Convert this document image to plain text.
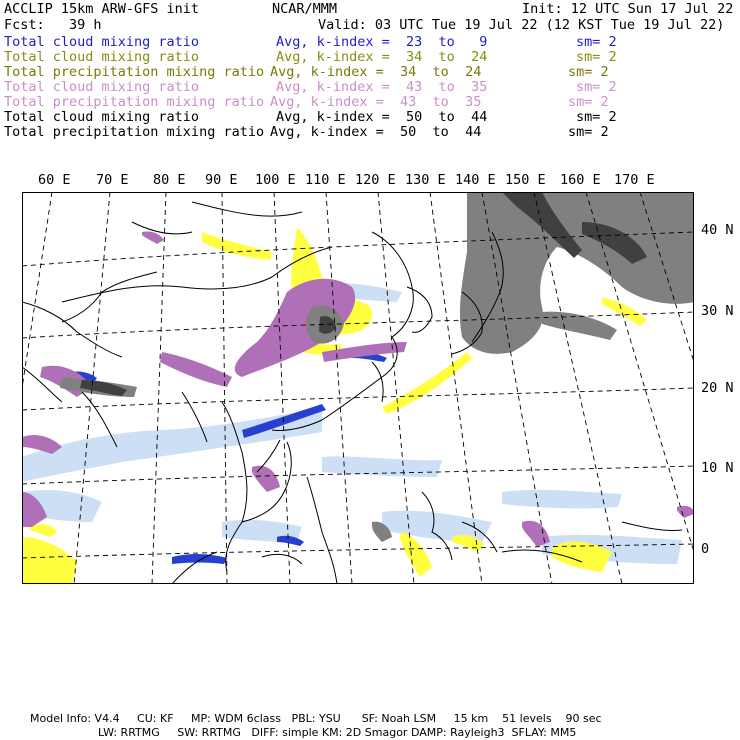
ACCLIP 15km ARW-GFS init	NCAR/MMM	Init: 12 UTC Sun 17 Jul 22
Fcst:   39 h	Valid: 03 UTC Tue 19 Jul 22 (12 KST Tue 19 Jul 22)
Total cloud mixing ratio	Avg, k-index =  23  to   9	sm= 2
Total cloud mixing ratio	Avg, k-index =  34  to  24	sm= 2
Total precipitation mixing ratio Avg, k-index =  34  to  24	sm= 2
Total cloud mixing ratio	Avg, k-index =  43  to  35	sm= 2
Total precipitation mixing ratio Avg, k-index =  43  to  35	sm= 2
Total cloud mixing ratio	Avg, k-index =  50  to  44	sm= 2
Total precipitation mixing ratio Avg, k-index =  50  to  44	sm= 2
60 E 70 E 80 E 90 E 100 E 110 E 120 E 130 E 140 E 150 E 160 E 170 E
40 N
30 N
20 N
10 N
0
Model Info: V4.4     CU: KF     MP: WDM 6class   PBL: YSU      SF: Noah LSM     15 km    51 levels    90 sec
LW: RRTMG     SW: RRTMG   DIFF: simple KM: 2D Smagor DAMP: Rayleigh3  SFLAY: MM5
